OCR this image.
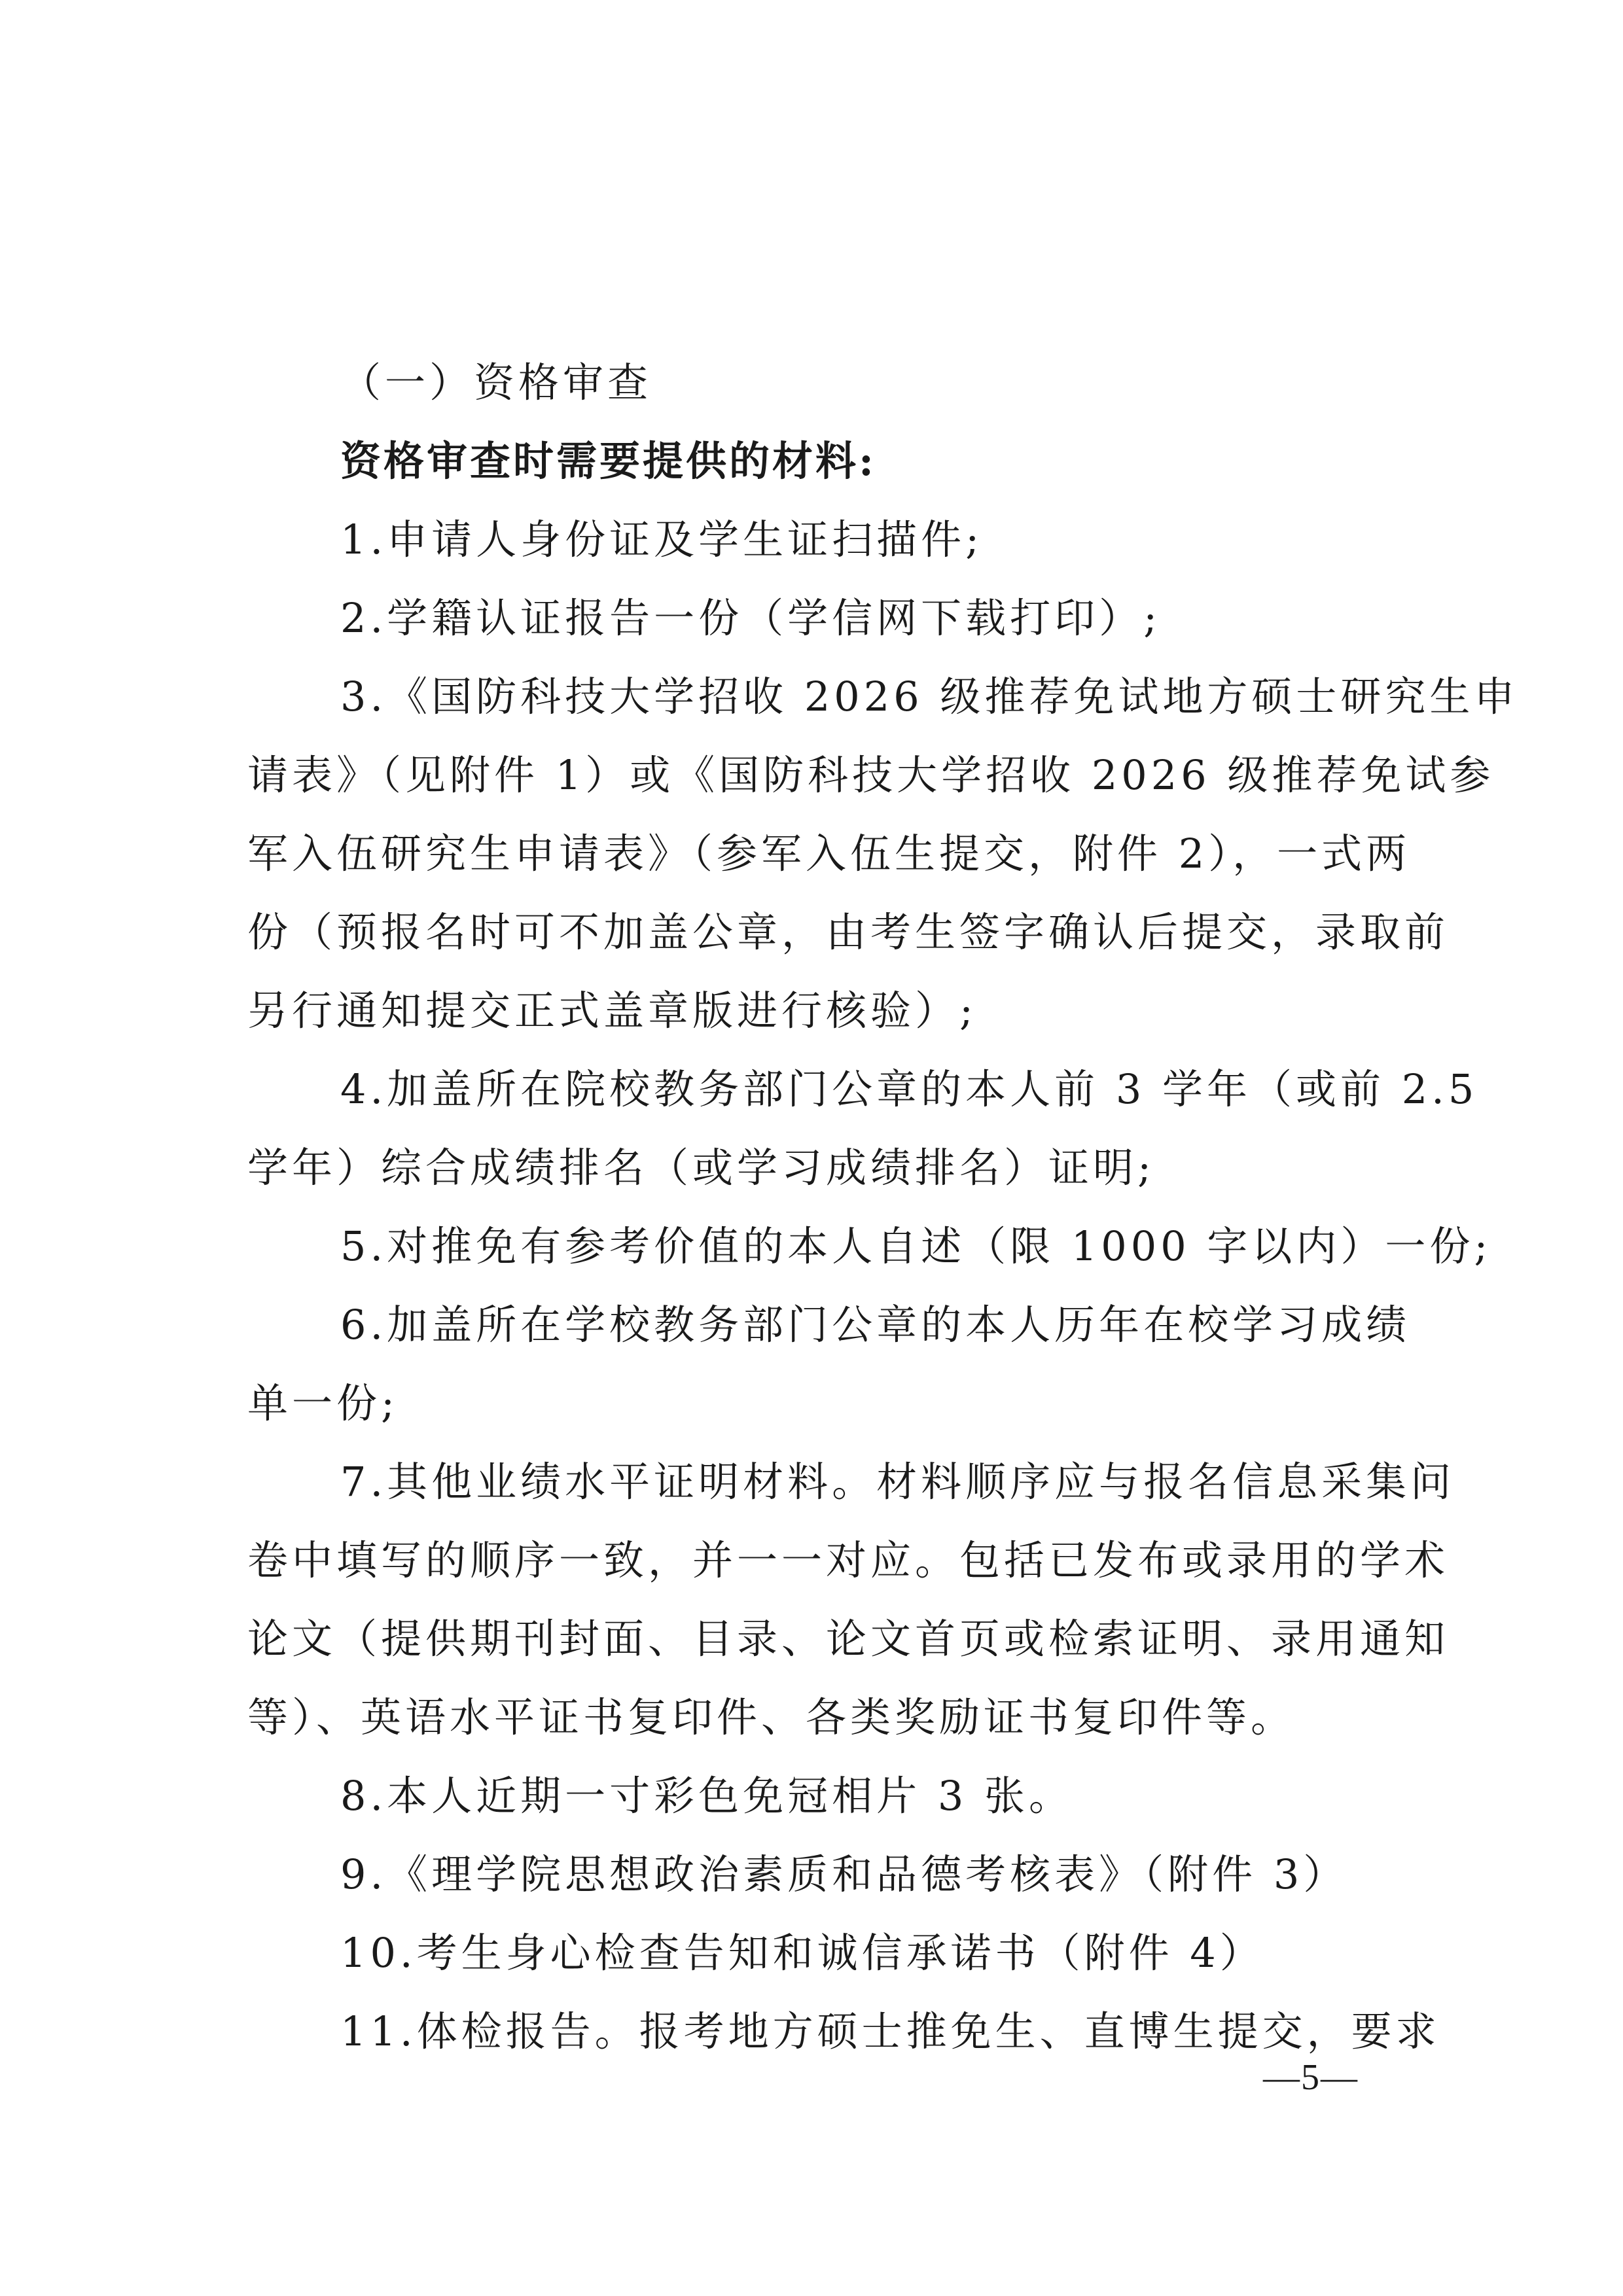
（一）资格审查
资格审查时需要提供的材料:
1.申请人身份证及学生证扫描件;
2.学籍认证报告一份（学信网下载打印）;
3.《国防科技大学招收 2026 级推荐免试地方硕士研究生申
请表》（见附件 1）或《国防科技大学招收 2026 级推荐免试参
军入伍研究生申请表》（参军入伍生提交，附件 2），一式两
份（预报名时可不加盖公章，由考生签字确认后提交，录取前
另行通知提交正式盖章版进行核验）;
4.加盖所在院校教务部门公章的本人前 3 学年（或前 2.5
学年）综合成绩排名（或学习成绩排名）证明;
5.对推免有参考价值的本人自述（限 1000 字以内）一份;
6.加盖所在学校教务部门公章的本人历年在校学习成绩
单一份;
7.其他业绩水平证明材料。材料顺序应与报名信息采集问
卷中填写的顺序一致，并一一对应。包括已发布或录用的学术
论文（提供期刊封面、目录、论文首页或检索证明、录用通知
等）、英语水平证书复印件、各类奖励证书复印件等。
8.本人近期一寸彩色免冠相片 3 张。
9.《理学院思想政治素质和品德考核表》（附件 3）
10.考生身心检查告知和诚信承诺书（附件 4）
11.体检报告。报考地方硕士推免生、直博生提交，要求
—5—
